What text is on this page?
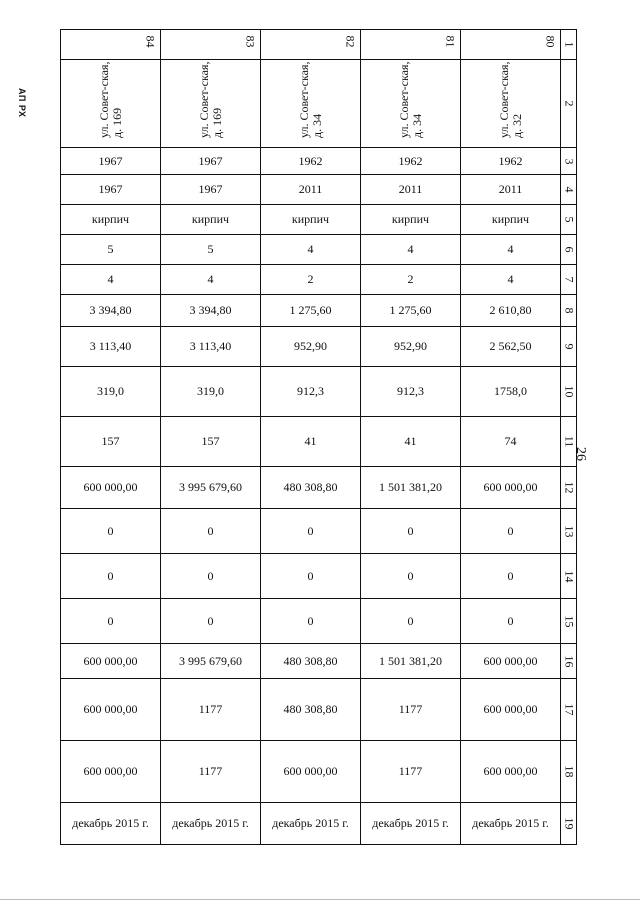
АП РХ
26
84	83	82	81	80	1
ул. Совет-ская, д. 169	ул. Совет-ская, д. 169	ул. Совет-ская, д. 34	ул. Совет-ская, д. 34	ул. Совет-ская, д. 32	2
1967	1967	1962	1962	1962	3
1967	1967	2011	2011	2011	4
кирпич	кирпич	кирпич	кирпич	кирпич	5
5	5	4	4	4	6
4	4	2	2	4	7
3 394,80	3 394,80	1 275,60	1 275,60	2 610,80	8
3 113,40	3 113,40	952,90	952,90	2 562,50	9
319,0	319,0	912,3	912,3	1758,0	10
157	157	41	41	74	11
600 000,00	3 995 679,60	480 308,80	1 501 381,20	600 000,00	12
0	0	0	0	0	13
0	0	0	0	0	14
0	0	0	0	0	15
600 000,00	3 995 679,60	480 308,80	1 501 381,20	600 000,00	16
600 000,00	1177	480 308,80	1177	600 000,00	17
600 000,00	1177	600 000,00	1177	600 000,00	18
декабрь 2015 г.	декабрь 2015 г.	декабрь 2015 г.	декабрь 2015 г.	декабрь 2015 г.	19
